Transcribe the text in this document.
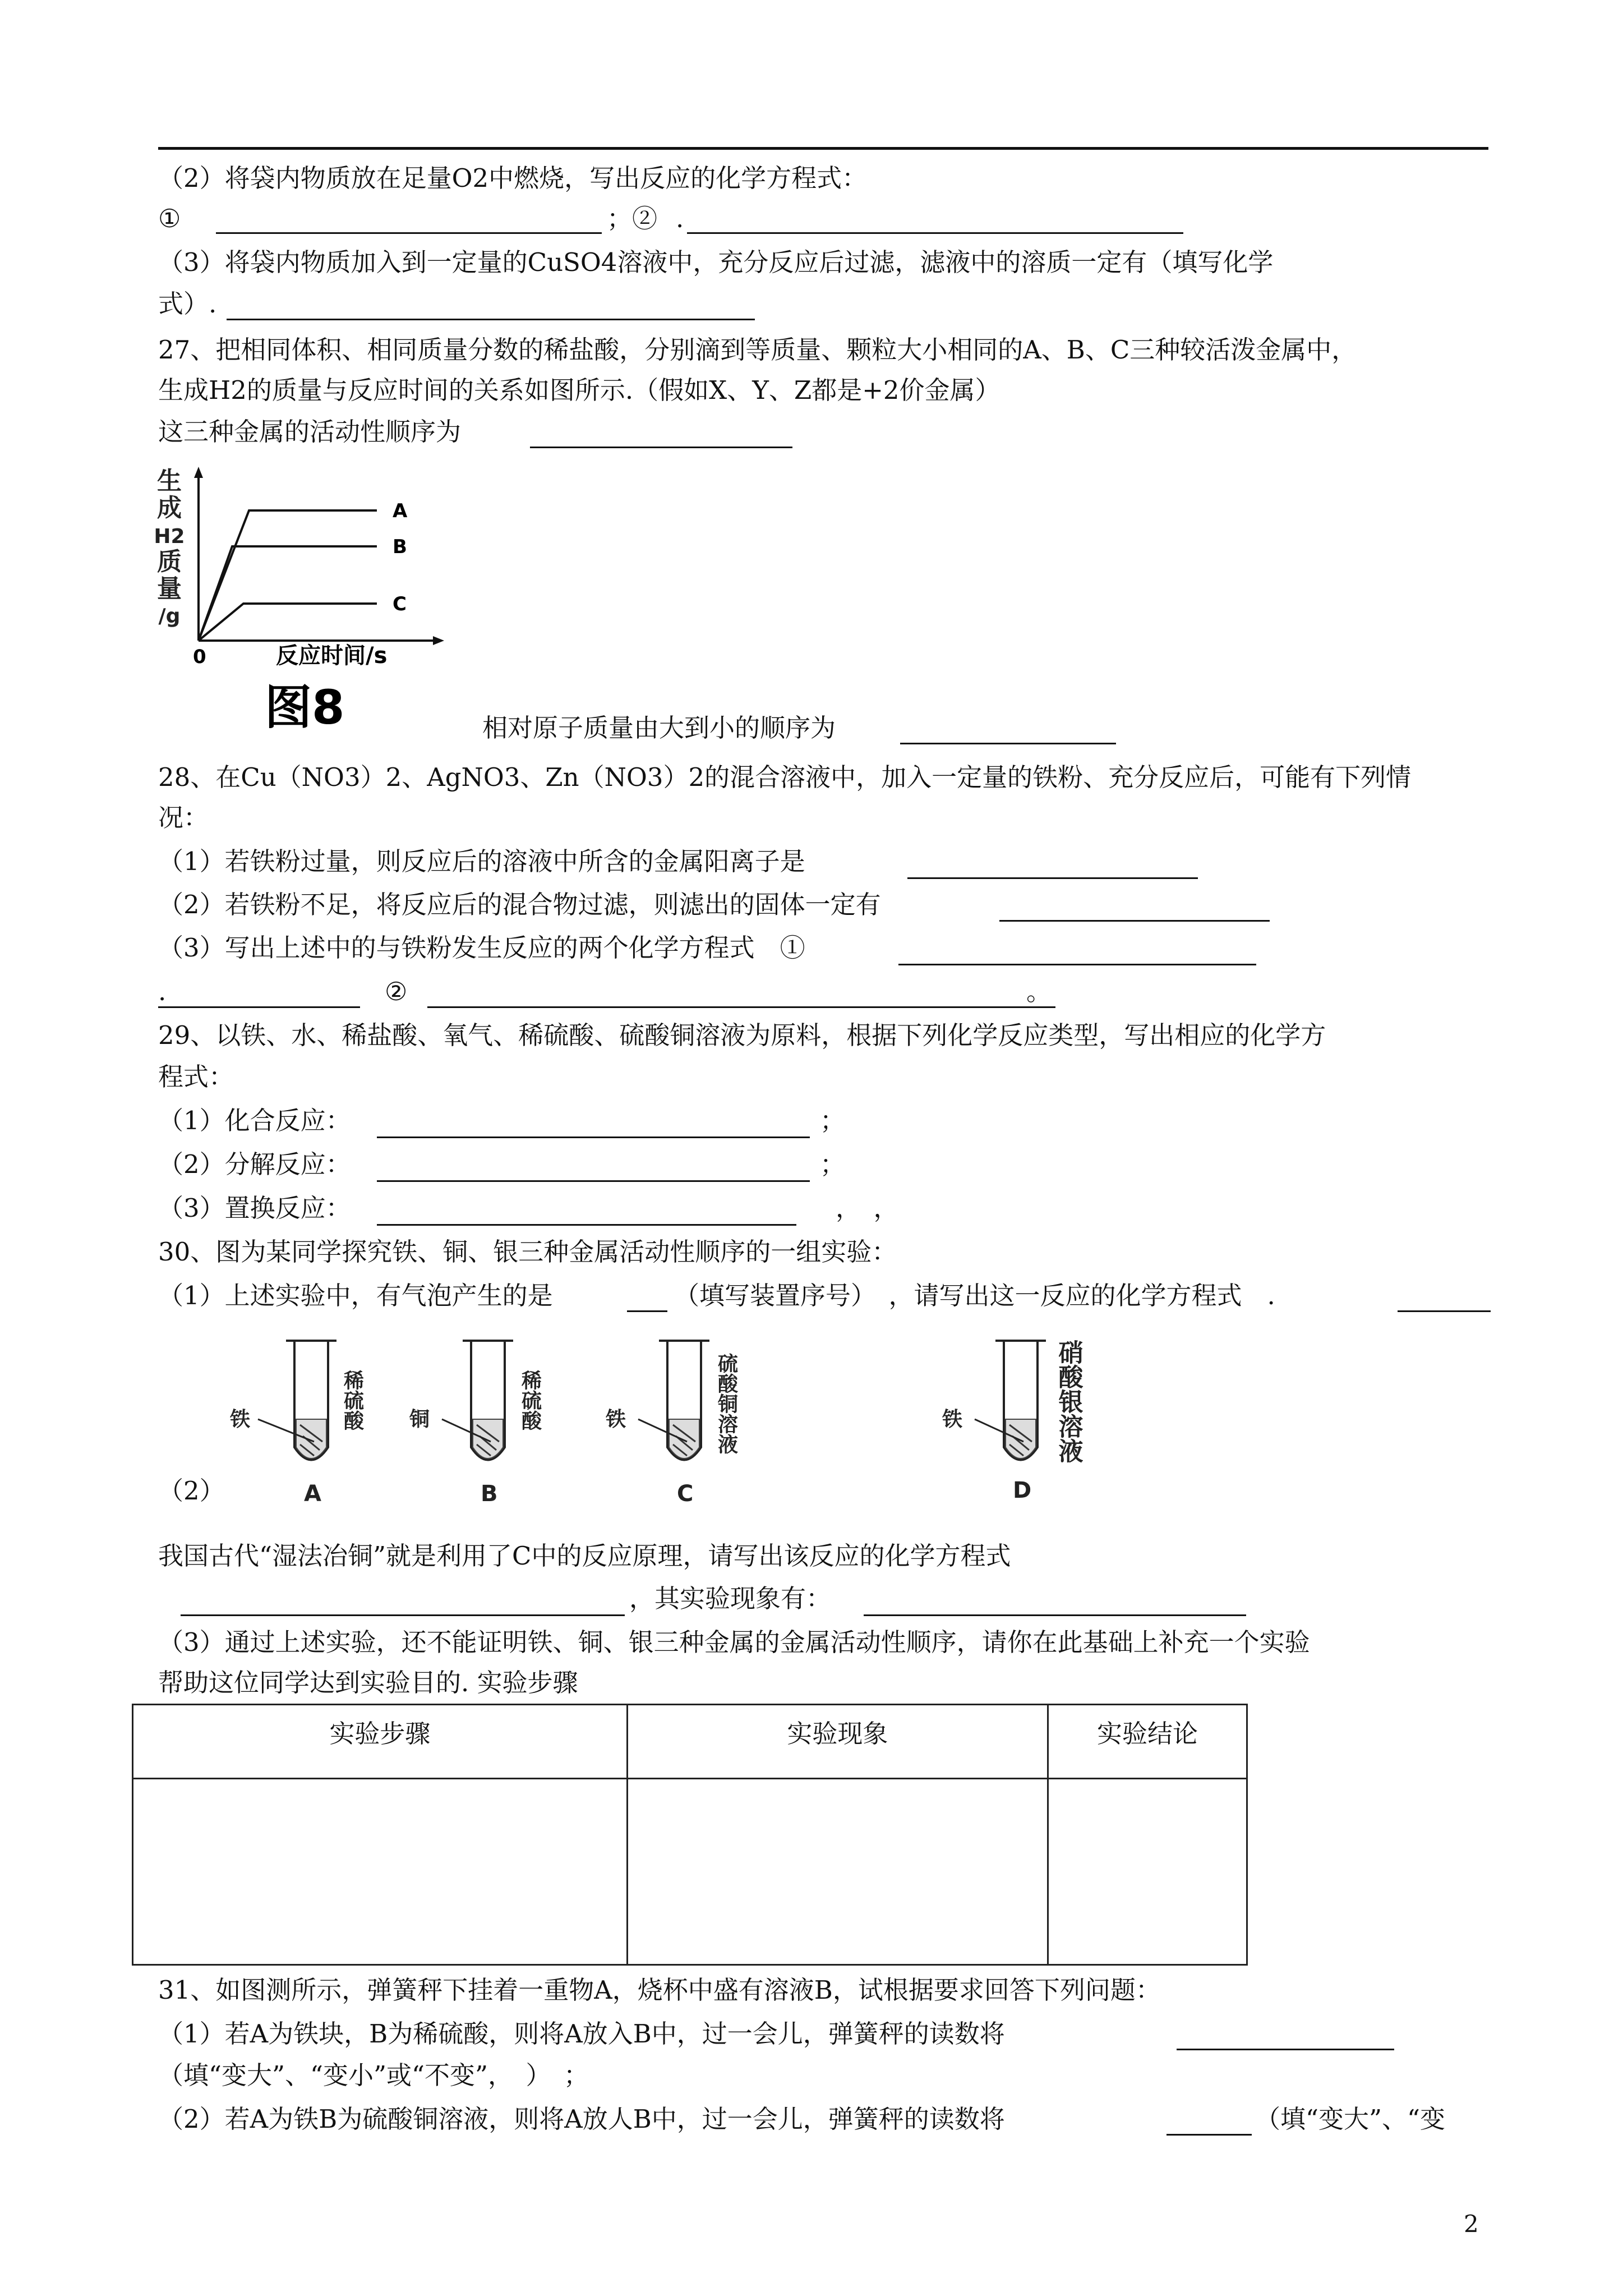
（2）将袋内物质放在足量O2中燃烧，写出反应的化学方程式：
①	；② .
（3）将袋内物质加入到一定量的CuSO4溶液中，充分反应后过滤，滤液中的溶质一定有（填写化学
式）.
27、把相同体积、相同质量分数的稀盐酸，分别滴到等质量、颗粒大小相同的A、B、C三种较活泼金属中，
生成H2的质量与反应时间的关系如图所示.（假如X、Y、Z都是+2价金属）
这三种金属的活动性顺序为
生
成
H2
质
量
/g
A
B
C
0	反应时间/s
图8	相对原子质量由大到小的顺序为
28、在Cu（NO3）2、AgNO3、Zn（NO3）2的混合溶液中，加入一定量的铁粉、充分反应后，可能有下列情
况：
（1）若铁粉过量，则反应后的溶液中所含的金属阳离子是
（2）若铁粉不足，将反应后的混合物过滤，则滤出的固体一定有
（3）写出上述中的与铁粉发生反应的两个化学方程式　①
.	②	。
29、以铁、水、稀盐酸、氧气、稀硫酸、硫酸铜溶液为原料，根据下列化学反应类型，写出相应的化学方
程式：
（1）化合反应：	；
（2）分解反应：	；
（3）置换反应：	，　，
30、图为某同学探究铁、铜、银三种金属活动性顺序的一组实验：
（1）上述实验中，有气泡产生的是	（填写装置序号）　，请写出这一反应的化学方程式　.
铁	稀硫酸
A
铜	稀硫酸
B
铁	硫酸铜溶液
C
铁	硝酸银溶液
D
（2）
我国古代“湿法冶铜”就是利用了C中的反应原理，请写出该反应的化学方程式
，其实验现象有：
（3）通过上述实验，还不能证明铁、铜、银三种金属的金属活动性顺序，请你在此基础上补充一个实验
帮助这位同学达到实验目的. 实验步骤
实验步骤	实验现象	实验结论

31、如图测所示，弹簧秤下挂着一重物A，烧杯中盛有溶液B，试根据要求回答下列问题：
（1）若A为铁块，B为稀硫酸，则将A放入B中，过一会儿，弹簧秤的读数将
（填“变大”、“变小”或“不变”，　）　；
（2）若A为铁B为硫酸铜溶液，则将A放人B中，过一会儿，弹簧秤的读数将	（填“变大”、“变
2
